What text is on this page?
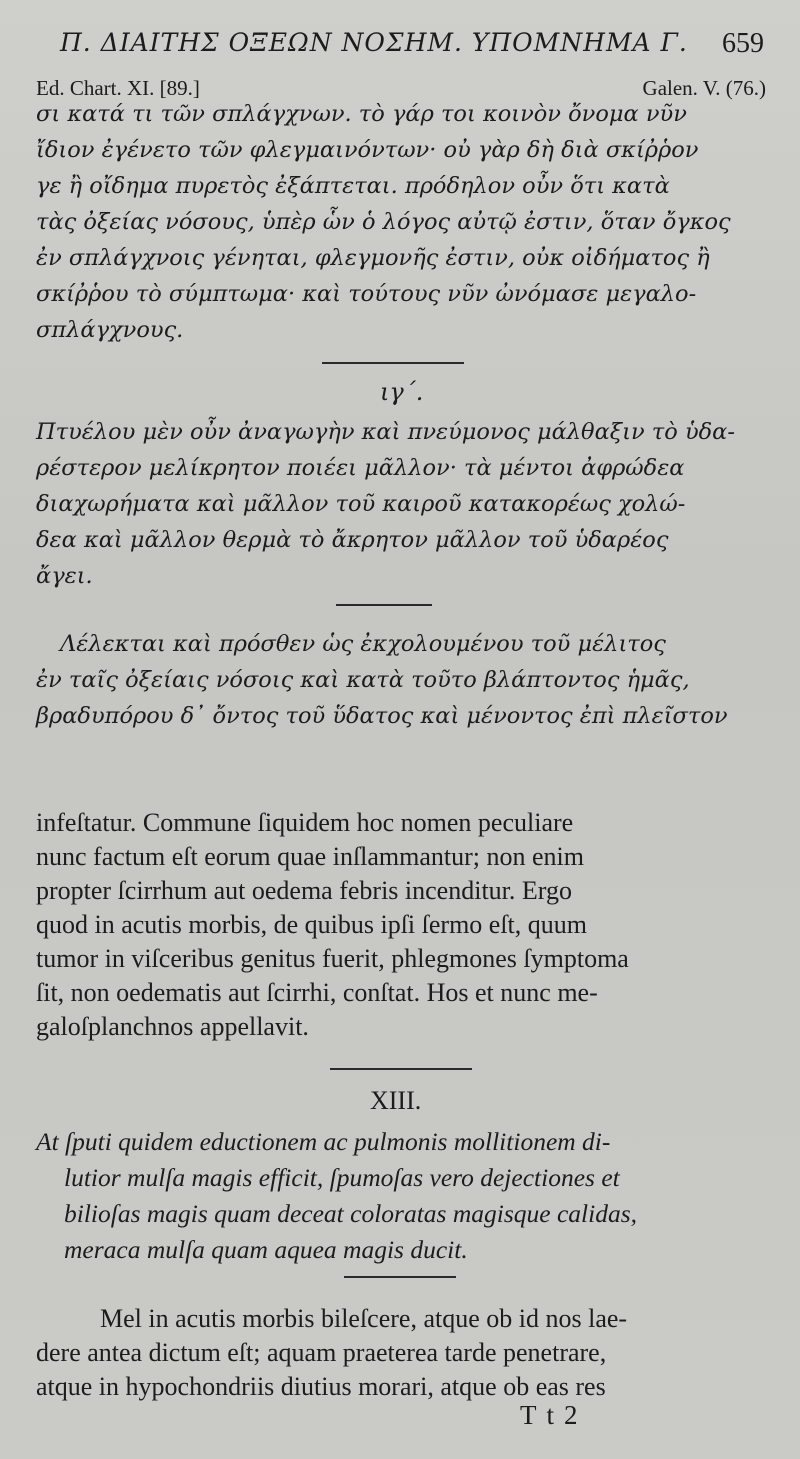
Π. ΔΙΑΙΤΗΣ ΟΞΕΩΝ ΝΟΣΗΜ. ΥΠΟΜΝΗΜΑ Γ.	659
Ed. Chart. XI. [89.]	Galen. V. (76.)
σι κατά τι τῶν σπλάγχνων. τὸ γάρ τοι κοινὸν ὄνομα νῦν
ἴδιον ἐγένετο τῶν φλεγμαινόντων· οὐ γὰρ δὴ διὰ σκίῤῥον
γε ἢ οἴδημα πυρετὸς ἐξάπτεται. πρόδηλον οὖν ὅτι κατὰ
τὰς ὀξείας νόσους, ὑπὲρ ὧν ὁ λόγος αὐτῷ ἐστιν, ὅταν ὄγκος
ἐν σπλάγχνοις γένηται, φλεγμονῆς ἐστιν, οὐκ οἰδήματος ἢ
σκίῤῥου τὸ σύμπτωμα· καὶ τούτους νῦν ὠνόμασε μεγαλο-
σπλάγχνους.
ιγ΄.
Πτυέλου μὲν οὖν ἀναγωγὴν καὶ πνεύμονος μάλθαξιν τὸ ὑδα-
ρέστερον μελίκρητον ποιέει μᾶλλον· τὰ μέντοι ἀφρώδεα
διαχωρήματα καὶ μᾶλλον τοῦ καιροῦ κατακορέως χολώ-
δεα καὶ μᾶλλον θερμὰ τὸ ἄκρητον μᾶλλον τοῦ ὑδαρέος
ἄγει.
Λέλεκται καὶ πρόσθεν ὡς ἐκχολουμένου τοῦ μέλιτος
ἐν ταῖς ὀξείαις νόσοις καὶ κατὰ τοῦτο βλάπτοντος ἡμᾶς,
βραδυπόρου δ᾽ ὄντος τοῦ ὕδατος καὶ μένοντος ἐπὶ πλεῖστον
infeſtatur. Commune ſiquidem hoc nomen peculiare
nunc factum eſt eorum quae inſlammantur; non enim
propter ſcirrhum aut oedema febris incenditur. Ergo
quod in acutis morbis, de quibus ipſi ſermo eſt, quum
tumor in viſceribus genitus fuerit, phlegmones ſymptoma
ſit, non oedematis aut ſcirrhi, conſtat. Hos et nunc me-
galoſplanchnos appellavit.
XIII.
At ſputi quidem eductionem ac pulmonis mollitionem di-
lutior mulſa magis efficit, ſpumoſas vero dejectiones et
bilioſas magis quam deceat coloratas magisque calidas,
meraca mulſa quam aquea magis ducit.
Mel in acutis morbis bileſcere, atque ob id nos lae-
dere antea dictum eſt; aquam praeterea tarde penetrare,
atque in hypochondriis diutius morari, atque ob eas res
Tt2
